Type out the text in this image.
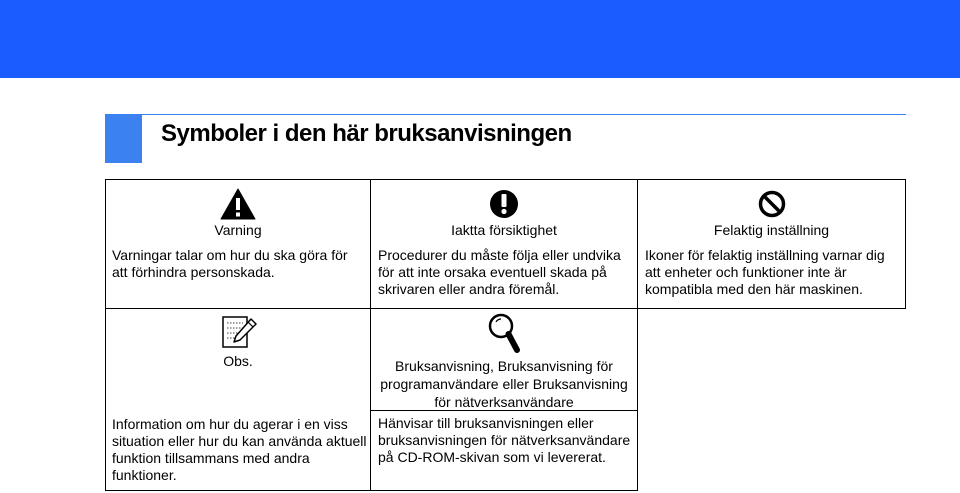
Symboler i den här bruksanvisningen
Varning
Varningar talar om hur du ska göra för att förhindra personskada.
Iaktta försiktighet
Procedurer du måste följa eller undvika för att inte orsaka eventuell skada på skrivaren eller andra föremål.
Felaktig inställning
Ikoner för felaktig inställning varnar dig att enheter och funktioner inte är kompatibla med den här maskinen.
Obs.
Information om hur du agerar i en viss situation eller hur du kan använda aktuell funktion tillsammans med andra funktioner.
Bruksanvisning, Bruksanvisning för programanvändare eller Bruksanvisning för nätverksanvändare
Hänvisar till bruksanvisningen eller bruksanvisningen för nätverksanvändare på CD-ROM-skivan som vi levererat.
